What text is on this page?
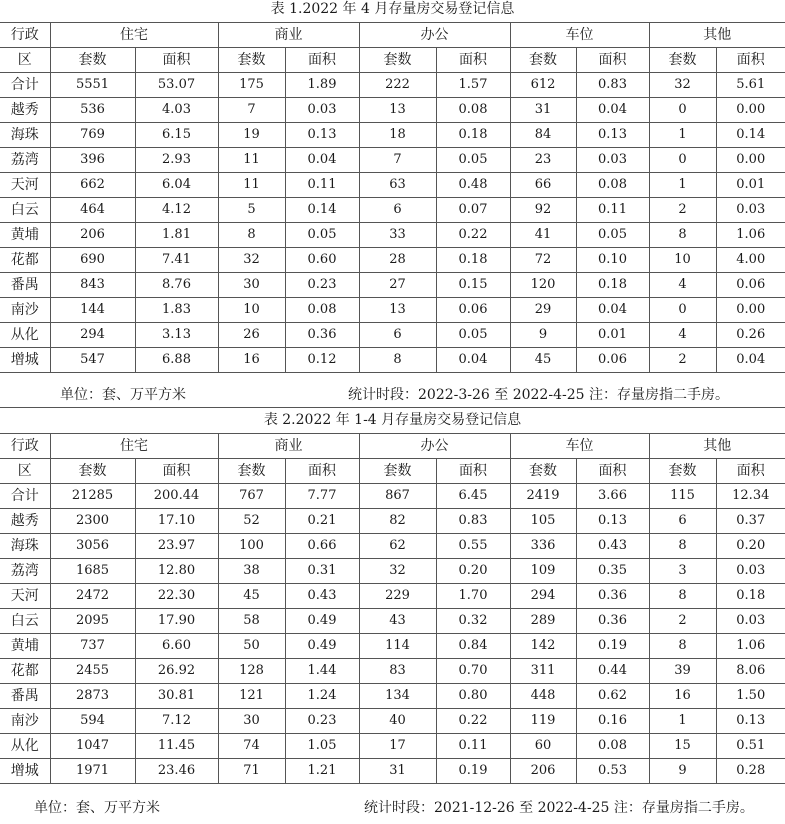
表 1.2022 年 4 月存量房交易登记信息
行政	住宅		商业		办公		车位		其他	
区	套数	面积	套数	面积	套数	面积	套数	面积	套数	面积
合计	5551	53.07	175	1.89	222	1.57	612	0.83	32	5.61
越秀	536	4.03	7	0.03	13	0.08	31	0.04	0	0.00
海珠	769	6.15	19	0.13	18	0.18	84	0.13	1	0.14
荔湾	396	2.93	11	0.04	7	0.05	23	0.03	0	0.00
天河	662	6.04	11	0.11	63	0.48	66	0.08	1	0.01
白云	464	4.12	5	0.14	6	0.07	92	0.11	2	0.03
黄埔	206	1.81	8	0.05	33	0.22	41	0.05	8	1.06
花都	690	7.41	32	0.60	28	0.18	72	0.10	10	4.00
番禺	843	8.76	30	0.23	27	0.15	120	0.18	4	0.06
南沙	144	1.83	10	0.08	13	0.06	29	0.04	0	0.00
从化	294	3.13	26	0.36	6	0.05	9	0.01	4	0.26
增城	547	6.88	16	0.12	8	0.04	45	0.06	2	0.04
单位：套、万平方米	统计时段：2022-3-26 至 2022-4-25 注：存量房指二手房。
表 2.2022 年 1-4 月存量房交易登记信息
行政	住宅		商业		办公		车位		其他	
区	套数	面积	套数	面积	套数	面积	套数	面积	套数	面积
合计	21285	200.44	767	7.77	867	6.45	2419	3.66	115	12.34
越秀	2300	17.10	52	0.21	82	0.83	105	0.13	6	0.37
海珠	3056	23.97	100	0.66	62	0.55	336	0.43	8	0.20
荔湾	1685	12.80	38	0.31	32	0.20	109	0.35	3	0.03
天河	2472	22.30	45	0.43	229	1.70	294	0.36	8	0.18
白云	2095	17.90	58	0.49	43	0.32	289	0.36	2	0.03
黄埔	737	6.60	50	0.49	114	0.84	142	0.19	8	1.06
花都	2455	26.92	128	1.44	83	0.70	311	0.44	39	8.06
番禺	2873	30.81	121	1.24	134	0.80	448	0.62	16	1.50
南沙	594	7.12	30	0.23	40	0.22	119	0.16	1	0.13
从化	1047	11.45	74	1.05	17	0.11	60	0.08	15	0.51
增城	1971	23.46	71	1.21	31	0.19	206	0.53	9	0.28
单位：套、万平方米	统计时段：2021-12-26 至 2022-4-25 注：存量房指二手房。
